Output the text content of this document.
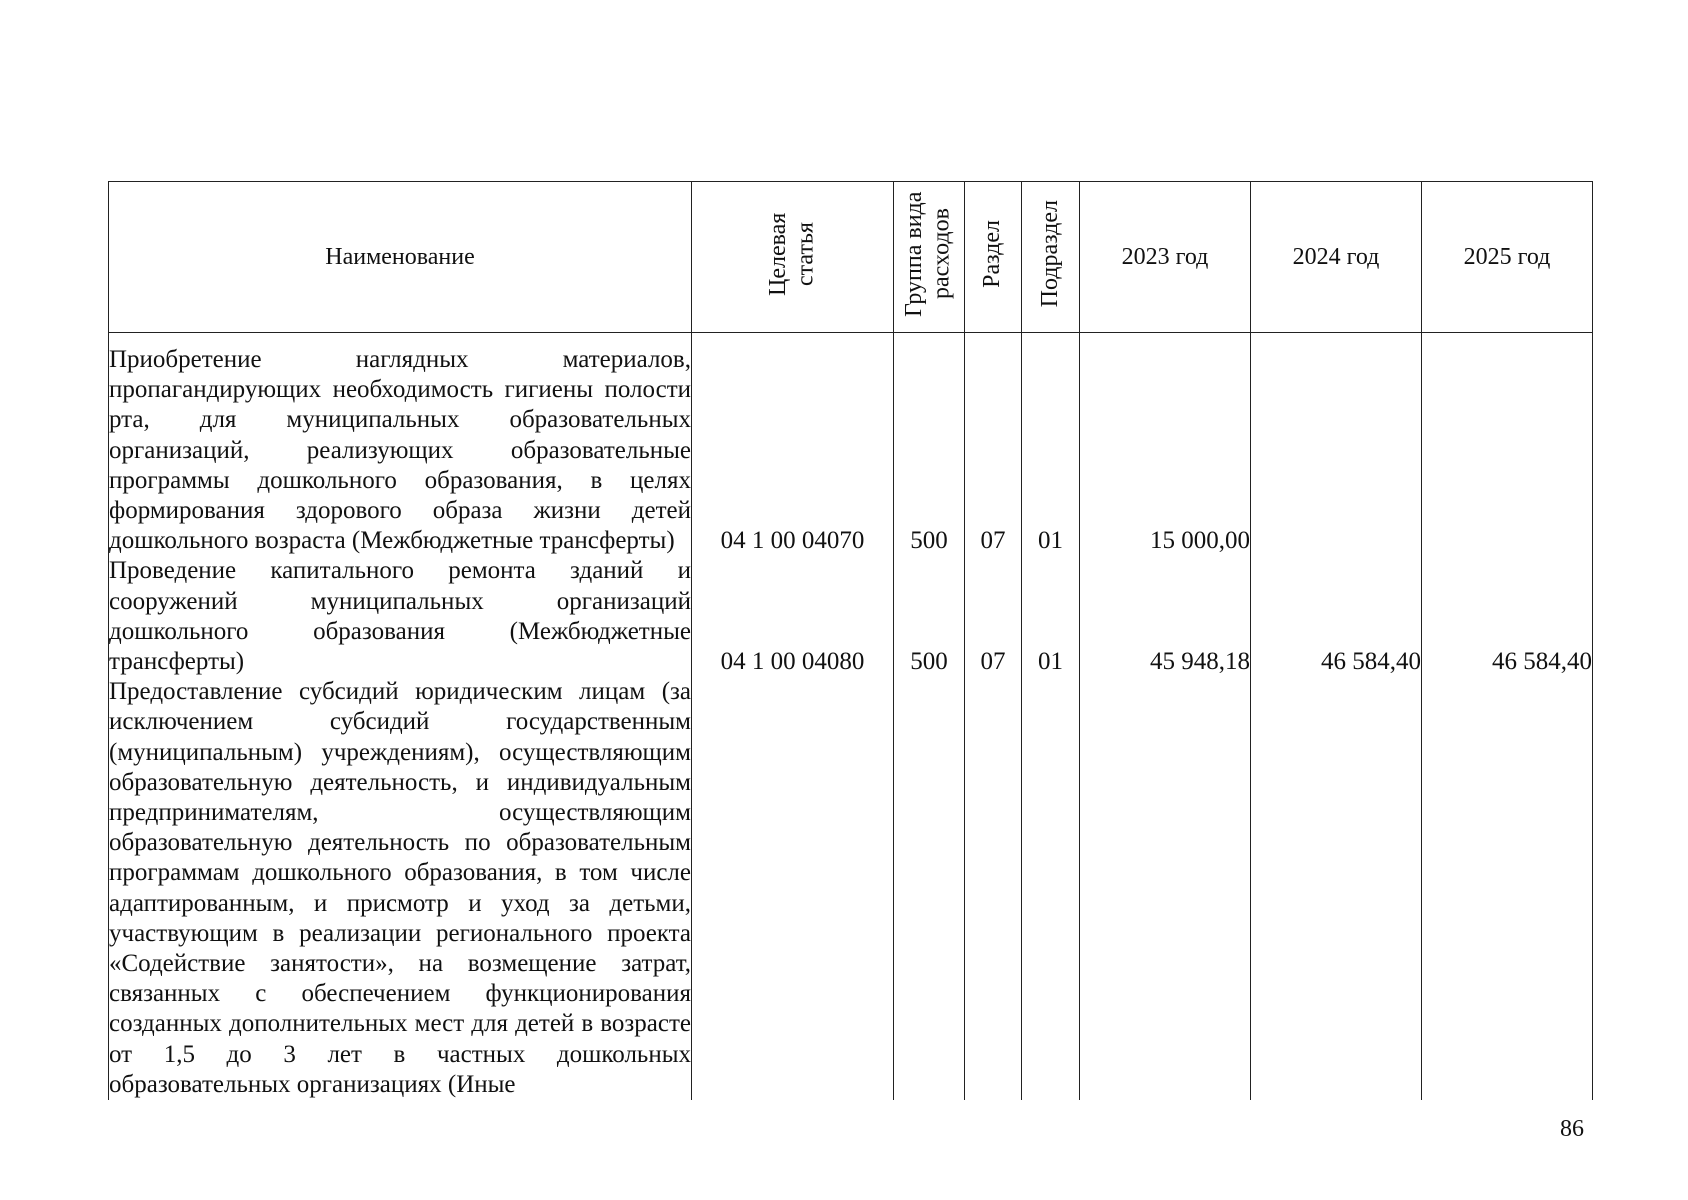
Наименование	Целевая статья	Группа вида расходов	Раздел	Подраздел	2023 год	2024 год	2025 год

Приобретение наглядных материалов, пропагандирующих необходимость гигиены полости рта, для муниципальных образовательных организаций, реализующих образовательные программы дошкольного образования, в целях формирования здорового образа жизни детей дошкольного возраста (Межбюджетные трансферты)	04 1 00 04070	500	07	01	15 000,00		
Проведение капитального ремонта зданий и сооружений муниципальных организаций дошкольного образования (Межбюджетные трансферты)	04 1 00 04080	500	07	01	45 948,18	46 584,40	46 584,40
Предоставление субсидий юридическим лицам (за исключением субсидий государственным (муниципальным) учреждениям), осуществляющим образовательную деятельность, и индивидуальным предпринимателям, осуществляющим образовательную деятельность по образовательным программам дошкольного образования, в том числе адаптированным, и присмотр и уход за детьми, участвующим в реализации регионального проекта «Содействие занятости», на возмещение затрат, связанных с обеспечением функционирования созданных дополнительных мест для детей в возрасте от 1,5 до 3 лет в частных дошкольных образовательных организациях (Иные							
86
